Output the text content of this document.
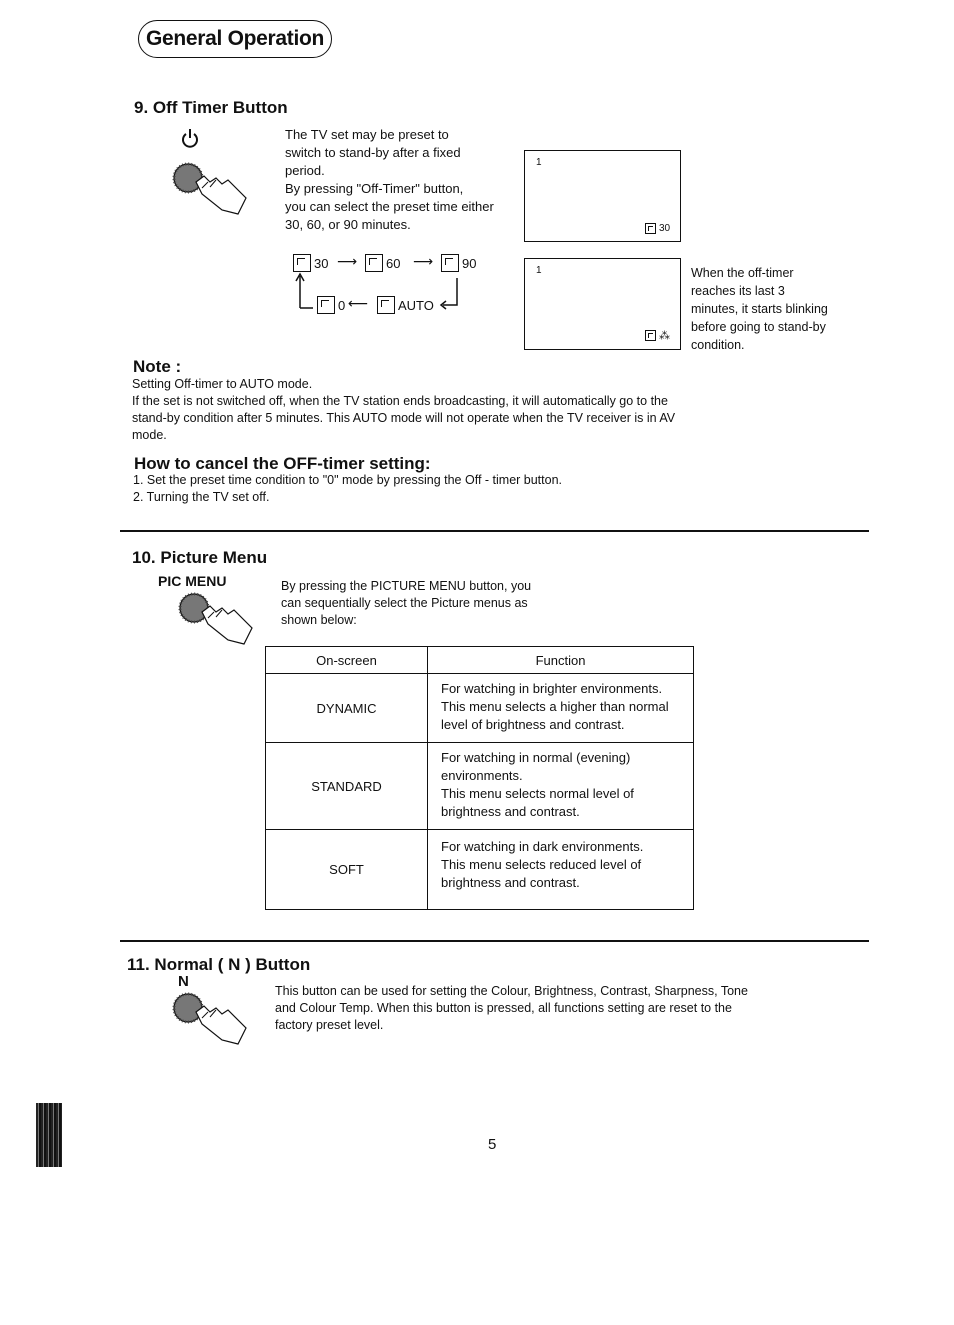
General Operation
9. Off Timer Button
The TV set may be preset to
switch to stand-by after a fixed
period.
By pressing "Off-Timer" button,
you can select the preset time either
30, 60, or 90 minutes.
1
30
30 ⟶ 60 ⟶ 90
0 ⟵ AUTO
1
⁂
When the off-timer
reaches its last 3
minutes, it starts blinking
before going to stand-by
condition.
Note :
Setting Off-timer to AUTO mode.
If the set is not switched off, when the TV station ends broadcasting, it will automatically go to the
stand-by condition after 5 minutes. This AUTO mode will not operate when the TV receiver is in AV
mode.
How to cancel the OFF-timer setting:
1. Set the preset time condition to "0" mode by pressing the Off - timer button.
2. Turning the TV set off.
10. Picture Menu
PIC MENU	By pressing the PICTURE MENU button, you
can sequentially select the Picture menus as
shown below:
On-screen	Function
DYNAMIC	For watching in brighter environments.
This menu selects a higher than normal
level of brightness and contrast.

STANDARD	For watching in normal (evening)
environments.
This menu selects normal level of
brightness and contrast.

SOFT	For watching in dark environments.
This menu selects reduced level of
brightness and contrast.
11. Normal ( N ) Button
N
This button can be used for setting the Colour, Brightness, Contrast, Sharpness, Tone
and Colour Temp. When this button is pressed, all functions setting are reset to the
factory preset level.
5
